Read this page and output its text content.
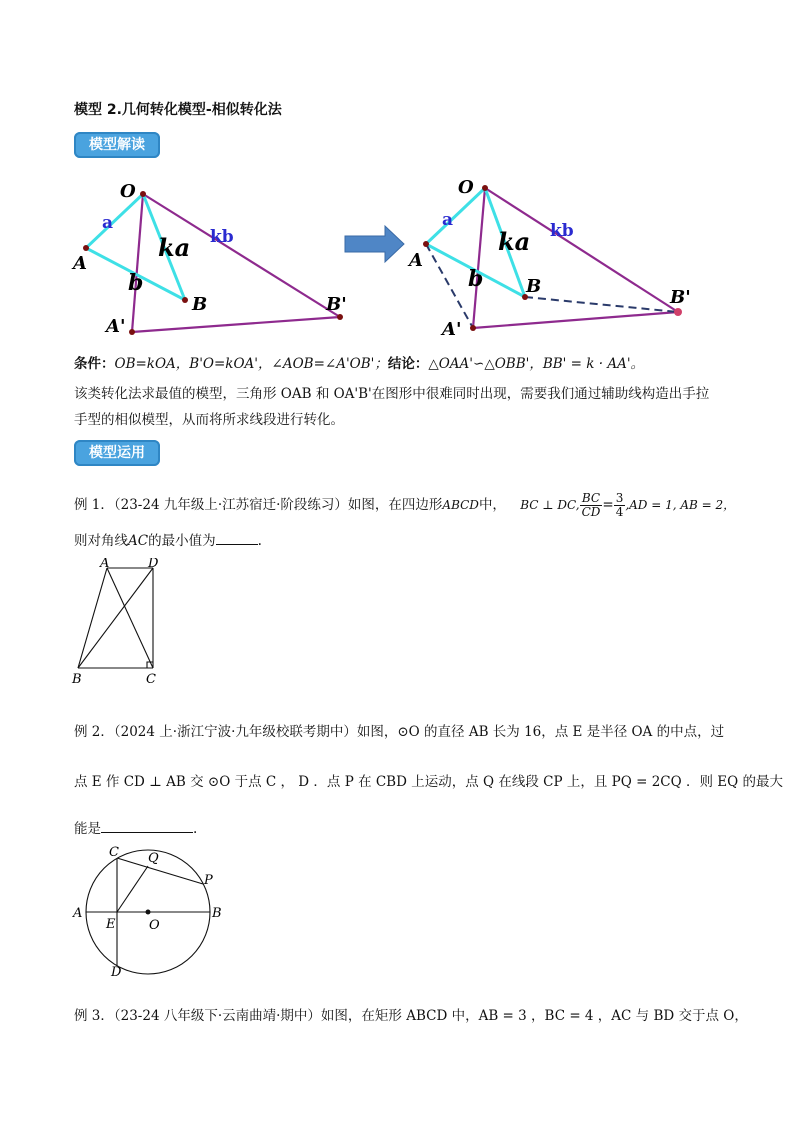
模型 2.几何转化模型-相似转化法
模型解读
O
A
B
A'
B'
a
ka
b
kb
O
A
B
A'
B'
a
ka
b
kb
条件：OB=kOA，B'O=kOA'，∠AOB=∠A'OB'；结论：△OAA'∽△OBB'，BB' = k · AA'。
该类转化法求最值的模型，三角形 OAB 和 OA'B'在图形中很难同时出现，需要我们通过辅助线构造出手拉
手型的相似模型，从而将所求线段进行转化。
模型运用
例 1．（23-24 九年级上·江苏宿迁·阶段练习）如图，在四边形ABCD中， BC ⊥ DC, $\frac{BC}{CD} = \frac{3}{4} ,AD = 1$, AB = 2，
则对角线AC的最小值为	.
A	D
B	C
例 2．（2024 上·浙江宁波·九年级校联考期中）如图，⊙O 的直径 AB 长为 16，点 E 是半径 OA 的中点，过
点 E 作 CD ⊥ AB 交 ⊙O 于点 C ， D ．点 P 在 CBD 上运动，点 Q 在线段 CP 上，且 PQ = 2CQ ．则 EQ 的最大
能是	.
C Q
P
A	B
E	O
D
例 3．（23-24 八年级下·云南曲靖·期中）如图，在矩形 ABCD 中，AB = 3 ，BC = 4 ，AC 与 BD 交于点 O，
